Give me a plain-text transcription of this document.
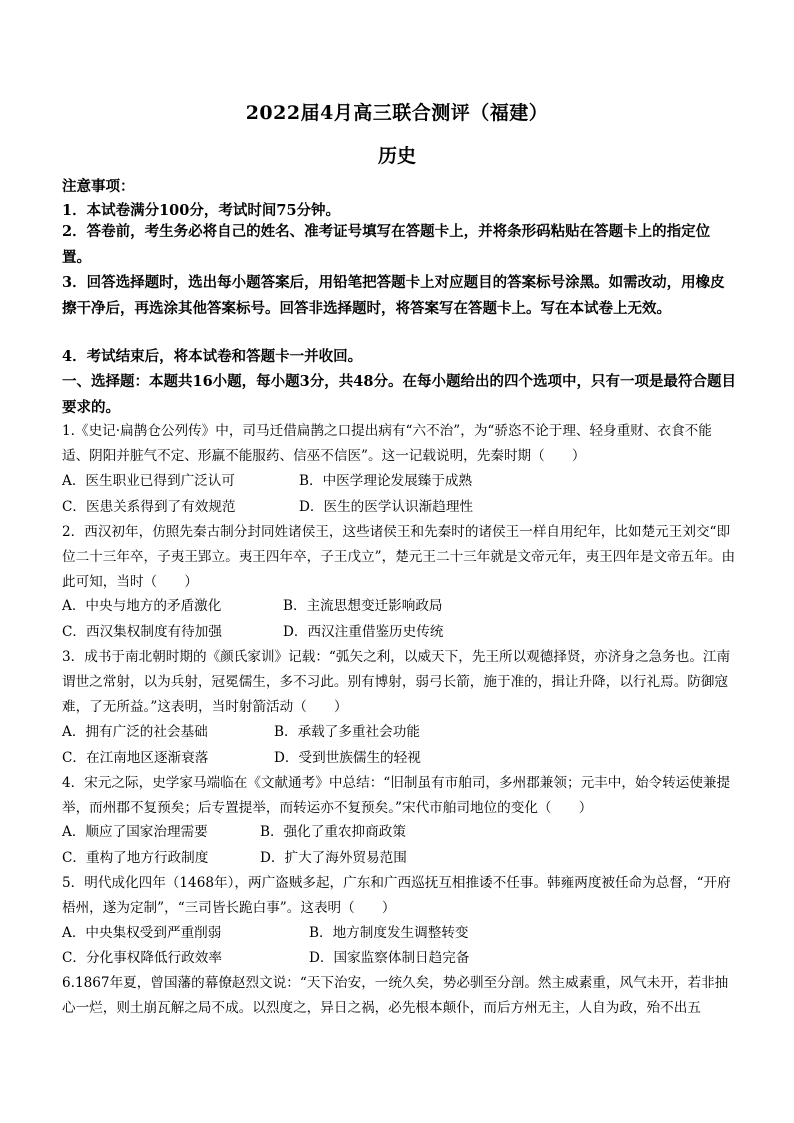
2022届4月高三联合测评（福建）
历史
注意事项：
1．本试卷满分100分，考试时间75分钟。
2．答卷前，考生务必将自己的姓名、准考证号填写在答题卡上，并将条形码粘贴在答题卡上的指定位置。
3．回答选择题时，选出每小题答案后，用铅笔把答题卡上对应题目的答案标号涂黑。如需改动，用橡皮擦干净后，再选涂其他答案标号。回答非选择题时，将答案写在答题卡上。写在本试卷上无效。
4．考试结束后，将本试卷和答题卡一并收回。
一、选择题：本题共16小题，每小题3分，共48分。在每小题给出的四个选项中，只有一项是最符合题目要求的。
1.《史记·扁鹊仓公列传》中，司马迁借扁鹊之口提出病有“六不治”，为“骄恣不论于理、轻身重财、衣食不能适、阴阳并脏气不定、形羸不能服药、信巫不信医”。这一记载说明，先秦时期（　　）
A．医生职业已得到广泛认可	B．中医学理论发展臻于成熟
C．医患关系得到了有效规范	D．医生的医学认识渐趋理性
2．西汉初年，仿照先秦古制分封同姓诸侯王，这些诸侯王和先秦时的诸侯王一样自用纪年，比如楚元王刘交“即位二十三年卒，子夷王郢立。夷王四年卒，子王戊立”，楚元王二十三年就是文帝元年，夷王四年是文帝五年。由此可知，当时（　　）
A．中央与地方的矛盾激化	B．主流思想变迁影响政局
C．西汉集权制度有待加强	D．西汉注重借鉴历史传统
3．成书于南北朝时期的《颜氏家训》记载：“弧矢之利，以威天下，先王所以观德择贤，亦济身之急务也。江南谓世之常射，以为兵射，冠冕儒生，多不习此。别有博射，弱弓长箭，施于准的，揖让升降，以行礼焉。防御寇难，了无所益。”这表明，当时射箭活动（　　）
A．拥有广泛的社会基础	B．承载了多重社会功能
C．在江南地区逐渐衰落	D．受到世族儒生的轻视
4．宋元之际，史学家马端临在《文献通考》中总结：“旧制虽有市舶司，多州郡兼领；元丰中，始令转运使兼提举，而州郡不复预矣；后专置提举，而转运亦不复预矣。”宋代市舶司地位的变化（　　）
A．顺应了国家治理需要	B．强化了重农抑商政策
C．重构了地方行政制度	D．扩大了海外贸易范围
5．明代成化四年（1468年），两广盗贼多起，广东和广西巡抚互相推诿不任事。韩雍两度被任命为总督，“开府梧州，遂为定制”，“三司皆长跪白事”。这表明（　　）
A．中央集权受到严重削弱	B．地方制度发生调整转变
C．分化事权降低行政效率	D．国家监察体制日趋完备
6.1867年夏，曾国藩的幕僚赵烈文说：“天下治安，一统久矣，势必驯至分剖。然主威素重，风气未开，若非抽心一烂，则土崩瓦解之局不成。以烈度之，异日之祸，必先根本颠仆，而后方州无主，人自为政，殆不出五
